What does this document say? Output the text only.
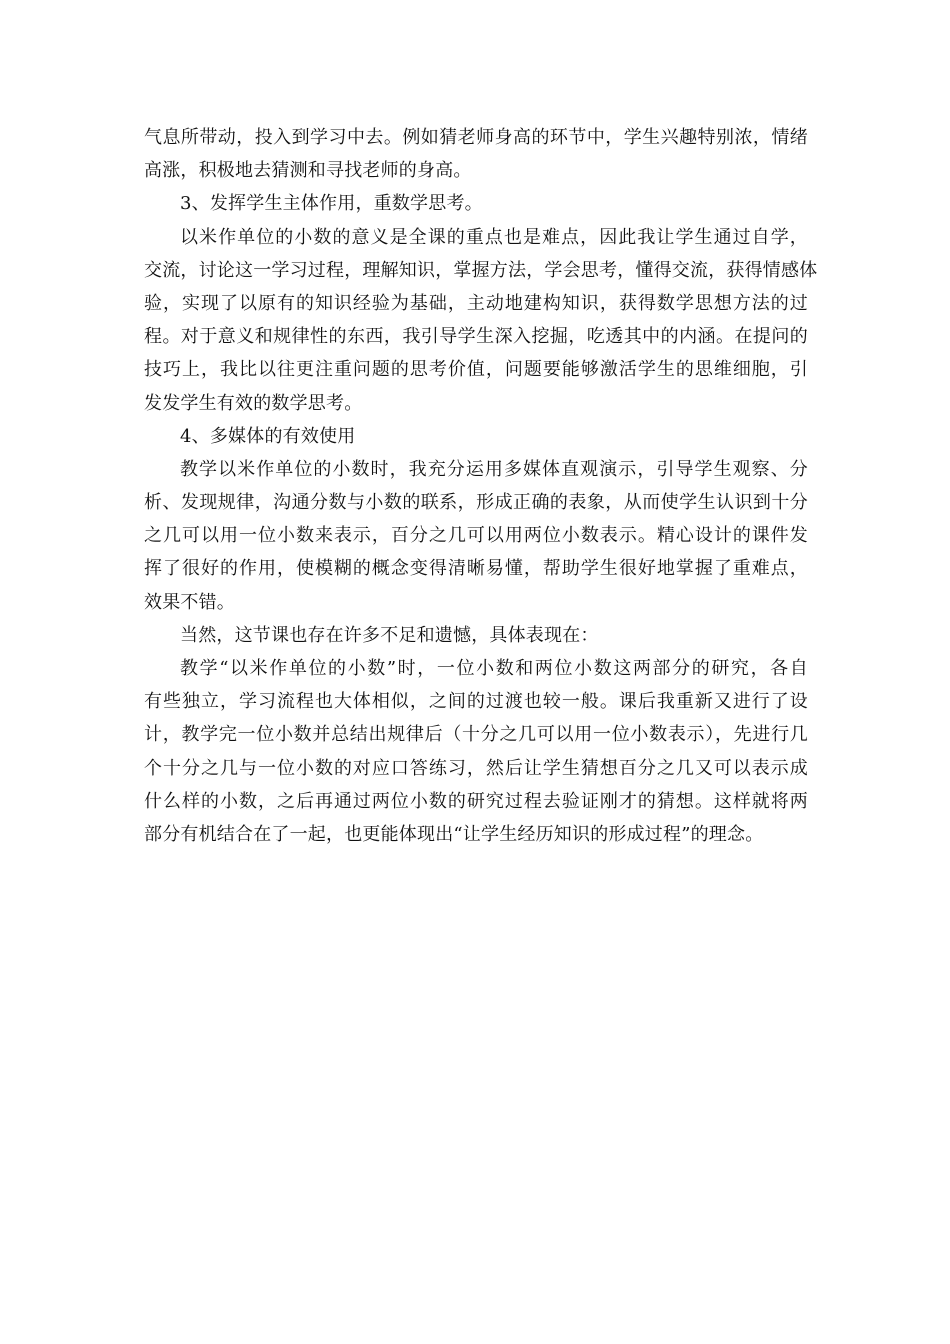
气息所带动，投入到学习中去。例如猜老师身高的环节中，学生兴趣特别浓，情绪
高涨，积极地去猜测和寻找老师的身高。
3、发挥学生主体作用，重数学思考。
以米作单位的小数的意义是全课的重点也是难点，因此我让学生通过自学，
交流，讨论这一学习过程，理解知识，掌握方法，学会思考，懂得交流，获得情感体
验，实现了以原有的知识经验为基础，主动地建构知识，获得数学思想方法的过
程。对于意义和规律性的东西，我引导学生深入挖掘，吃透其中的内涵。在提问的
技巧上，我比以往更注重问题的思考价值，问题要能够激活学生的思维细胞，引
发发学生有效的数学思考。
4、多媒体的有效使用
教学以米作单位的小数时，我充分运用多媒体直观演示，引导学生观察、分
析、发现规律，沟通分数与小数的联系，形成正确的表象，从而使学生认识到十分
之几可以用一位小数来表示，百分之几可以用两位小数表示。精心设计的课件发
挥了很好的作用，使模糊的概念变得清晰易懂，帮助学生很好地掌握了重难点，
效果不错。
当然，这节课也存在许多不足和遗憾，具体表现在：
教学“以米作单位的小数”时，一位小数和两位小数这两部分的研究，各自
有些独立，学习流程也大体相似，之间的过渡也较一般。课后我重新又进行了设
计，教学完一位小数并总结出规律后（十分之几可以用一位小数表示），先进行几
个十分之几与一位小数的对应口答练习，然后让学生猜想百分之几又可以表示成
什么样的小数，之后再通过两位小数的研究过程去验证刚才的猜想。这样就将两
部分有机结合在了一起，也更能体现出“让学生经历知识的形成过程”的理念。
